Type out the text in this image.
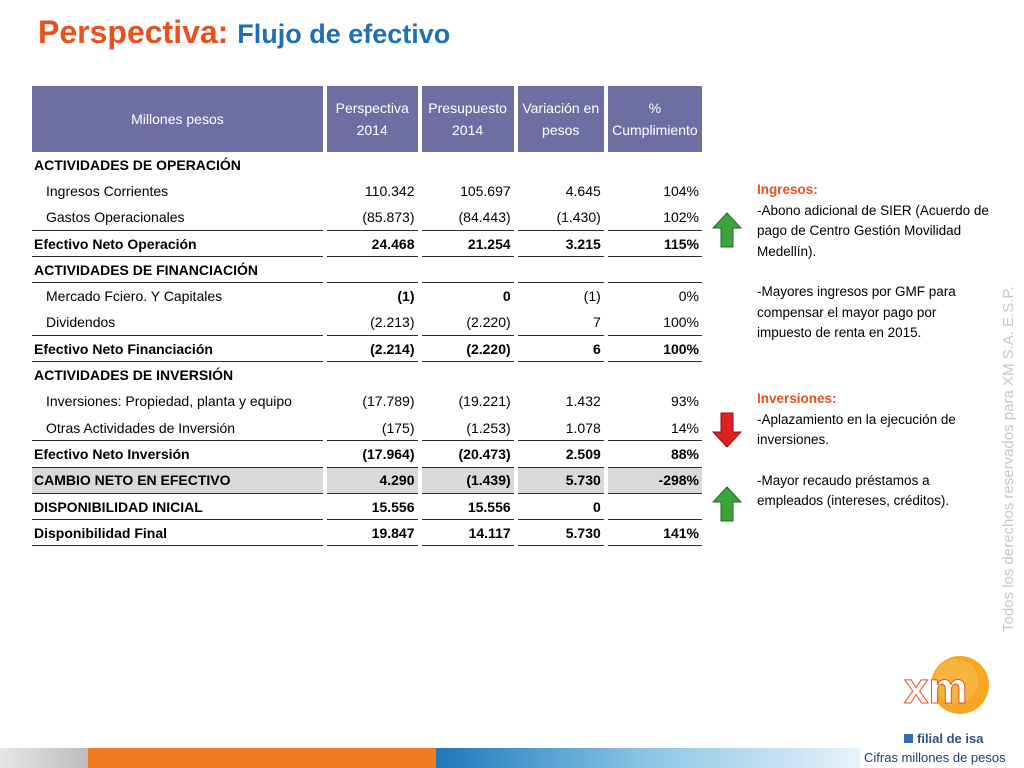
Perspectiva: Flujo de efectivo
Millones pesos	Perspectiva 2014	Presupuesto 2014	Variación en pesos	% Cumplimiento
ACTIVIDADES DE OPERACIÓN				
Ingresos Corrientes	110.342	105.697	4.645	104%
Gastos Operacionales	(85.873)	(84.443)	(1.430)	102%
Efectivo Neto Operación	24.468	21.254	3.215	115%
ACTIVIDADES DE FINANCIACIÓN				
Mercado Fciero. Y Capitales	(1)	0	(1)	0%
Dividendos	(2.213)	(2.220)	7	100%
Efectivo Neto Financiación	(2.214)	(2.220)	6	100%
ACTIVIDADES DE INVERSIÓN				
Inversiones: Propiedad, planta y equipo	(17.789)	(19.221)	1.432	93%
Otras Actividades de Inversión	(175)	(1.253)	1.078	14%
Efectivo Neto Inversión	(17.964)	(20.473)	2.509	88%
CAMBIO NETO EN EFECTIVO	4.290	(1.439)	5.730	-298%
DISPONIBILIDAD INICIAL	15.556	15.556	0	
Disponibilidad Final	19.847	14.117	5.730	141%

Ingresos:

-Abono adicional de SIER (Acuerdo de pago de Centro Gestión Movilidad Medellín).

-Mayores ingresos por GMF para compensar el mayor pago por impuesto de renta en 2015.

Inversiones:

-Aplazamiento en la ejecución de inversiones.

-Mayor recaudo préstamos a empleados (intereses, créditos).	Todos los derechos reservados para XM S.A. E.S.P.
xm
filial de isa
Cifras millones de pesos
